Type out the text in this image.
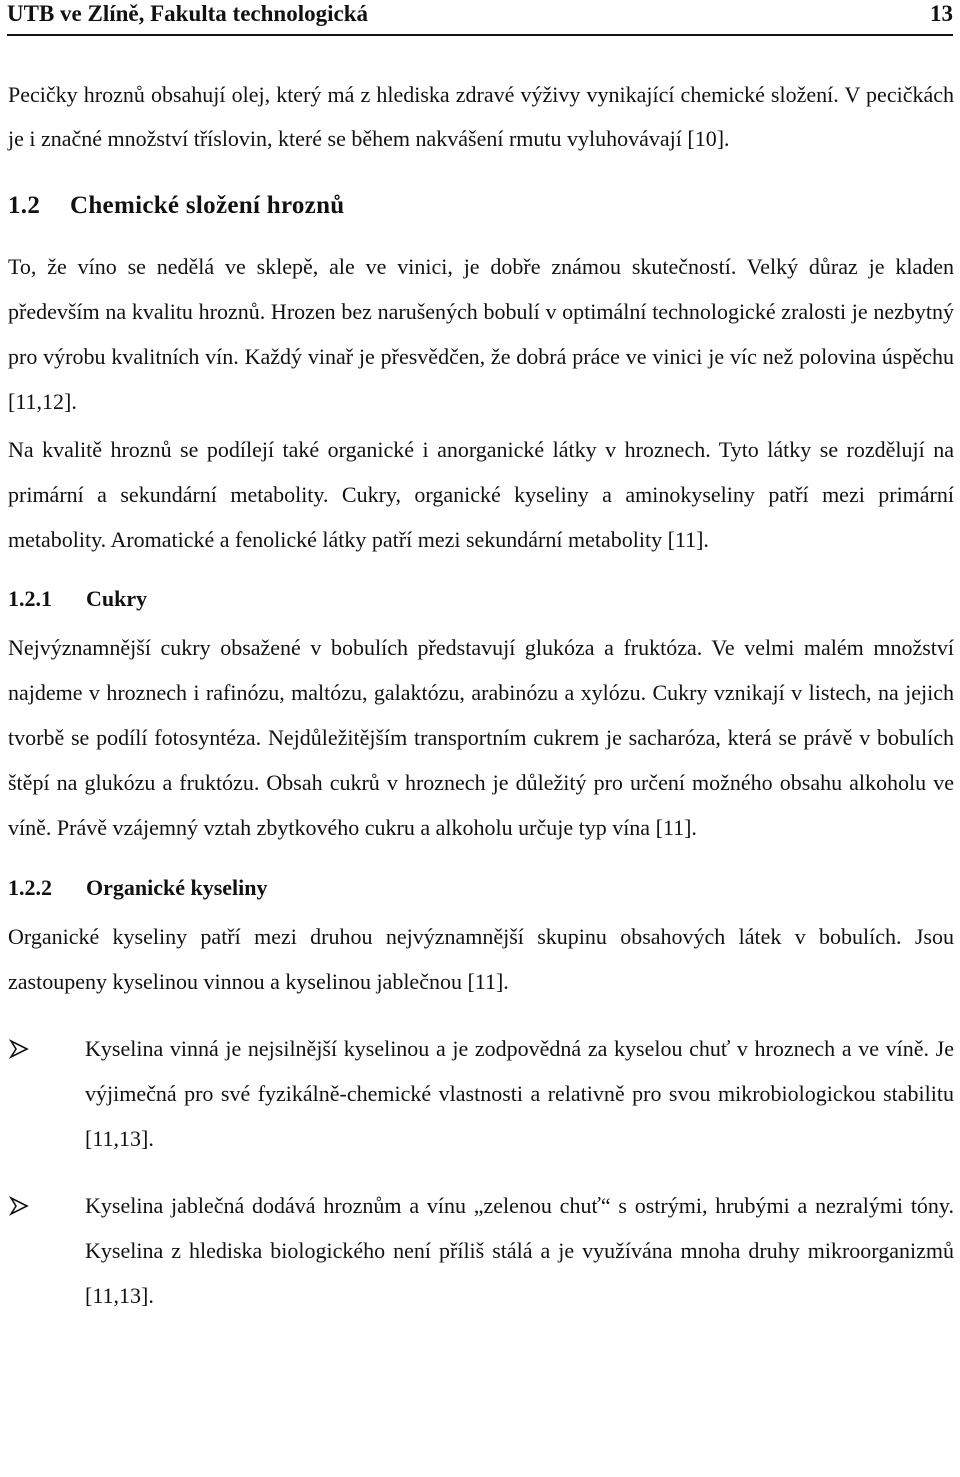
UTB ve Zlíně, Fakulta technologická	13

Pecičky hroznů obsahují olej, který má z hlediska zdravé výživy vynikající chemické složení. V pecičkách je i značné množství tříslovin, které se během nakvášení rmutu vyluhovávají [10].

1.2 Chemické složení hroznů

To, že víno se nedělá ve sklepě, ale ve vinici, je dobře známou skutečností. Velký důraz je kladen především na kvalitu hroznů. Hrozen bez narušených bobulí v optimální technologické zralosti je nezbytný pro výrobu kvalitních vín. Každý vinař je přesvědčen, že dobrá práce ve vinici je víc než polovina úspěchu [11,12].

Na kvalitě hroznů se podílejí také organické i anorganické látky v hroznech. Tyto látky se rozdělují na primární a sekundární metabolity. Cukry, organické kyseliny a aminokyseliny patří mezi primární metabolity. Aromatické a fenolické látky patří mezi sekundární metabolity [11].

1.2.1 Cukry

Nejvýznamnější cukry obsažené v bobulích představují glukóza a fruktóza. Ve velmi malém množství najdeme v hroznech i rafinózu, maltózu, galaktózu, arabinózu a xylózu. Cukry vznikají v listech, na jejich tvorbě se podílí fotosyntéza. Nejdůležitějším transportním cukrem je sacharóza, která se právě v bobulích štěpí na glukózu a fruktózu. Obsah cukrů v hroznech je důležitý pro určení možného obsahu alkoholu ve víně. Právě vzájemný vztah zbytkového cukru a alkoholu určuje typ vína [11].

1.2.2 Organické kyseliny

Organické kyseliny patří mezi druhou nejvýznamnější skupinu obsahových látek v bobulích. Jsou zastoupeny kyselinou vinnou a kyselinou jablečnou [11].

Kyselina vinná je nejsilnější kyselinou a je zodpovědná za kyselou chuť v hroznech a ve víně. Je výjimečná pro své fyzikálně-chemické vlastnosti a relativně pro svou mikrobiologickou stabilitu [11,13].
Kyselina jablečná dodává hroznům a vínu „zelenou chuť“ s ostrými, hrubými a nezralými tóny. Kyselina z hlediska biologického není příliš stálá a je využívána mnoha druhy mikroorganizmů [11,13].
